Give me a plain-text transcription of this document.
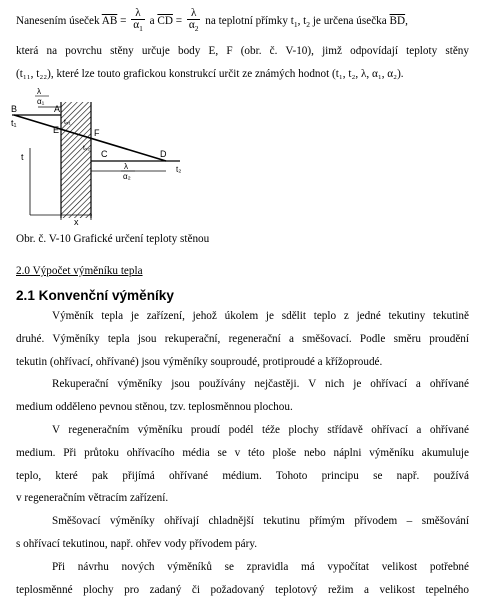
Nanesením úseček $\overline{AB} = \frac{\lambda}{\alpha_1}$ a $\overline{CD} = \frac{\lambda}{\alpha_2}$ na teplotní přímky $t_1$, $t_2$ je určena úsečka $\overline{BD}$,
která na povrchu stěny určuje body E, F (obr. č. V-10), jimž odpovídají teploty stěny
(t₁₁, t₂₂), které lze touto grafickou konstrukcí určit ze známých hodnot (t₁, t₂, λ, α₁, α₂).
λ
α₁
B
t₁
A
E
tₛ₁
F
tₛ₂
C	D
t₂
λ
α₂
t
x
Obr. č. V-10 Grafické určení teploty stěnou
2.0 Výpočet výměníku tepla
2.1 Konvenční výměníky
Výměník tepla je zařízení, jehož úkolem je sdělit teplo z jedné tekutiny tekutině
druhé. Výměníky tepla jsou rekuperační, regenerační a směšovací. Podle směru proudění
tekutin (ohřívací, ohřívané) jsou výměníky souproudé, protiproudé a křížoproudé.
Rekuperační výměníky jsou používány nejčastěji. V nich je ohřívací a ohřívané
medium odděleno pevnou stěnou, tzv. teplosměnnou plochou.
V regeneračním výměníku proudí podél téže plochy střídavě ohřívací a ohřívané
medium. Při průtoku ohřívacího média se v této ploše nebo náplni výměníku akumuluje
teplo, které pak přijímá ohřívané médium. Tohoto principu se např. používá
v regeneračním větracím zařízení.
Směšovací výměníky ohřívají chladnější tekutinu přímým přívodem – směšování
s ohřívací tekutinou, např. ohřev vody přívodem páry.
Při návrhu nových výměníků se zpravidla má vypočítat velikost potřebné
teplosměnné plochy pro zadaný či požadovaný teplotový režim a velikost tepelného
